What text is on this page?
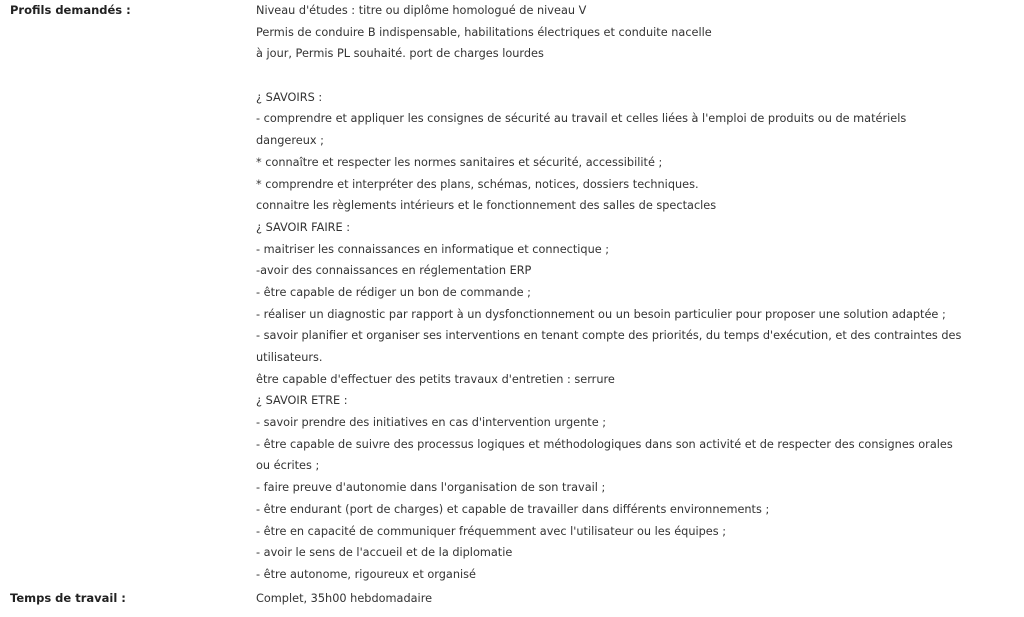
Profils demandés :	Niveau d'études : titre ou diplôme homologué de niveau V
Permis de conduire B indispensable, habilitations électriques et conduite nacelle
à jour, Permis PL souhaité. port de charges lourdes
¿ SAVOIRS :
- comprendre et appliquer les consignes de sécurité au travail et celles liées à l'emploi de produits ou de matériels
dangereux ;
* connaître et respecter les normes sanitaires et sécurité, accessibilité ;
* comprendre et interpréter des plans, schémas, notices, dossiers techniques.
connaitre les règlements intérieurs et le fonctionnement des salles de spectacles
¿ SAVOIR FAIRE :
- maitriser les connaissances en informatique et connectique ;
-avoir des connaissances en réglementation ERP
- être capable de rédiger un bon de commande ;
- réaliser un diagnostic par rapport à un dysfonctionnement ou un besoin particulier pour proposer une solution adaptée ;
- savoir planifier et organiser ses interventions en tenant compte des priorités, du temps d'exécution, et des contraintes des
utilisateurs.
être capable d'effectuer des petits travaux d'entretien : serrure
¿ SAVOIR ETRE :
- savoir prendre des initiatives en cas d'intervention urgente ;
- être capable de suivre des processus logiques et méthodologiques dans son activité et de respecter des consignes orales
ou écrites ;
- faire preuve d'autonomie dans l'organisation de son travail ;
- être endurant (port de charges) et capable de travailler dans différents environnements ;
- être en capacité de communiquer fréquemment avec l'utilisateur ou les équipes ;
- avoir le sens de l'accueil et de la diplomatie
- être autonome, rigoureux et organisé
Temps de travail :	Complet, 35h00 hebdomadaire
